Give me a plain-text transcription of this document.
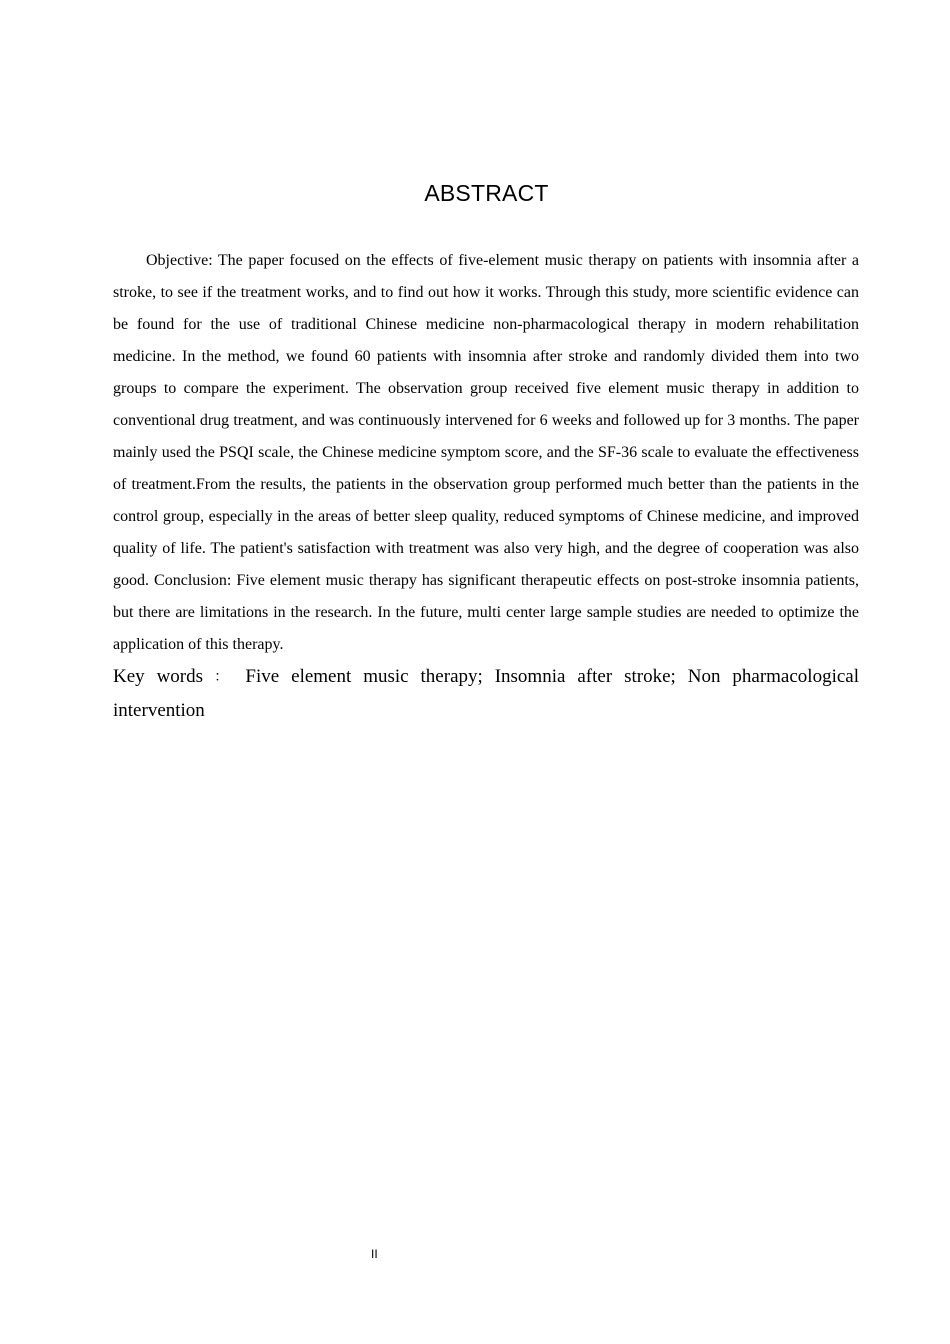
ABSTRACT

Objective: The paper focused on the effects of five-element music therapy on patients with insomnia after a stroke, to see if the treatment works, and to find out how it works. Through this study, more scientific evidence can be found for the use of traditional Chinese medicine non-pharmacological therapy in modern rehabilitation medicine. In the method, we found 60 patients with insomnia after stroke and randomly divided them into two groups to compare the experiment. The observation group received five element music therapy in addition to conventional drug treatment, and was continuously intervened for 6 weeks and followed up for 3 months. The paper mainly used the PSQI scale, the Chinese medicine symptom score, and the SF-36 scale to evaluate the effectiveness of treatment.From the results, the patients in the observation group performed much better than the patients in the control group, especially in the areas of better sleep quality, reduced symptoms of Chinese medicine, and improved quality of life. The patient's satisfaction with treatment was also very high, and the degree of cooperation was also good. Conclusion: Five element music therapy has significant therapeutic effects on post-stroke insomnia patients, but there are limitations in the research. In the future, multi center large sample studies are needed to optimize the application of this therapy.

Key words ： Five element music therapy; Insomnia after stroke; Non pharmacological intervention

II
